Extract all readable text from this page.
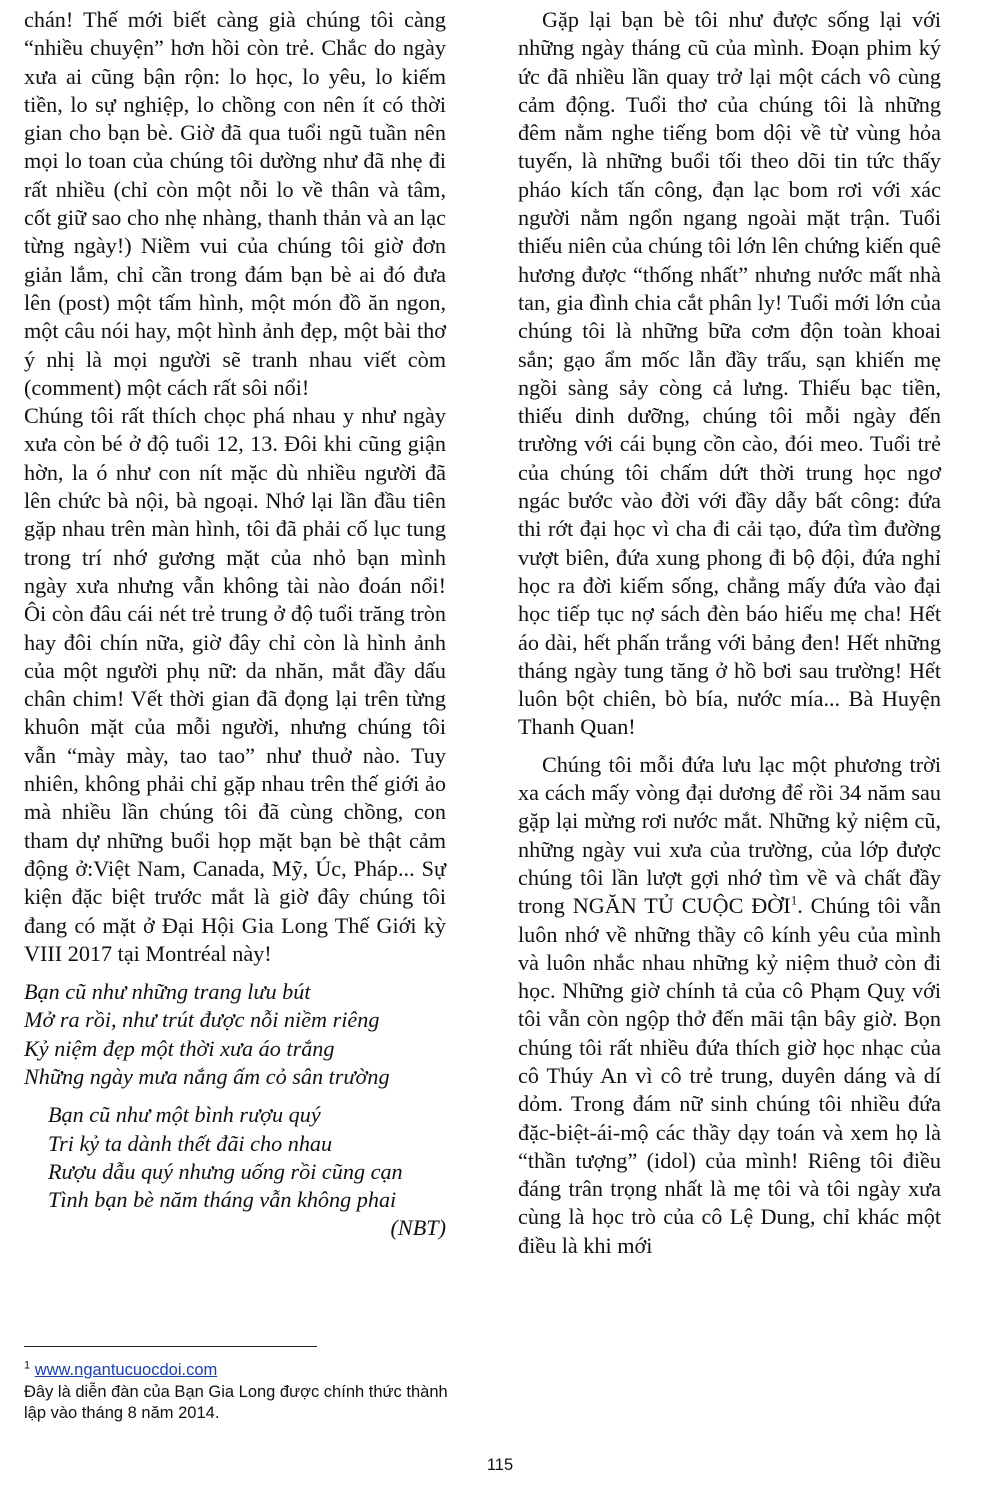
chán! Thế mới biết càng già chúng tôi càng “nhiều chuyện” hơn hồi còn trẻ. Chắc do ngày xưa ai cũng bận rộn: lo học, lo yêu, lo kiếm tiền, lo sự nghiệp, lo chồng con nên ít có thời gian cho bạn bè. Giờ đã qua tuổi ngũ tuần nên mọi lo toan của chúng tôi dường như đã nhẹ đi rất nhiều (chỉ còn một nỗi lo về thân và tâm, cốt giữ sao cho nhẹ nhàng, thanh thản và an lạc từng ngày!) Niềm vui của chúng tôi giờ đơn giản lắm, chỉ cần trong đám bạn bè ai đó đưa lên (post) một tấm hình, một món đồ ăn ngon, một câu nói hay, một hình ảnh đẹp, một bài thơ ý nhị là mọi người sẽ tranh nhau viết còm (comment) một cách rất sôi nổi!

Chúng tôi rất thích chọc phá nhau y như ngày xưa còn bé ở độ tuổi 12, 13. Đôi khi cũng giận hờn, la ó như con nít mặc dù nhiều người đã lên chức bà nội, bà ngoại. Nhớ lại lần đầu tiên gặp nhau trên màn hình, tôi đã phải cố lục tung trong trí nhớ gương mặt của nhỏ bạn mình ngày xưa nhưng vẫn không tài nào đoán nổi! Ôi còn đâu cái nét trẻ trung ở độ tuổi trăng tròn hay đôi chín nữa, giờ đây chỉ còn là hình ảnh của một người phụ nữ: da nhăn, mắt đầy dấu chân chim! Vết thời gian đã đọng lại trên từng khuôn mặt của mỗi người, nhưng chúng tôi vẫn “mày mày, tao tao” như thuở nào. Tuy nhiên, không phải chỉ gặp nhau trên thế giới ảo mà nhiều lần chúng tôi đã cùng chồng, con tham dự những buổi họp mặt bạn bè thật cảm động ở:Việt Nam, Canada, Mỹ, Úc, Pháp... Sự kiện đặc biệt trước mắt là giờ đây chúng tôi đang có mặt ở Đại Hội Gia Long Thế Giới kỳ VIII 2017 tại Montréal này!

Bạn cũ như những trang lưu bút
Mở ra rồi, như trút được nỗi niềm riêng
Kỷ niệm đẹp một thời xưa áo trắng
Những ngày mưa nắng ấm cỏ sân trường
Bạn cũ như một bình rượu quý
Tri kỷ ta dành thết đãi cho nhau
Rượu dẫu quý nhưng uống rồi cũng cạn
Tình bạn bè năm tháng vẫn không phai
(NBT)

Gặp lại bạn bè tôi như được sống lại với những ngày tháng cũ của mình. Đoạn phim ký ức đã nhiều lần quay trở lại một cách vô cùng cảm động. Tuổi thơ của chúng tôi là những đêm nằm nghe tiếng bom dội về từ vùng hỏa tuyến, là những buổi tối theo dõi tin tức thấy pháo kích tấn công, đạn lạc bom rơi với xác người nằm ngổn ngang ngoài mặt trận. Tuổi thiếu niên của chúng tôi lớn lên chứng kiến quê hương được “thống nhất” nhưng nước mất nhà tan, gia đình chia cắt phân ly! Tuổi mới lớn của chúng tôi là những bữa cơm độn toàn khoai sắn; gạo ẩm mốc lẫn đầy trấu, sạn khiến mẹ ngồi sàng sảy còng cả lưng. Thiếu bạc tiền, thiếu dinh dưỡng, chúng tôi mỗi ngày đến trường với cái bụng cồn cào, đói meo. Tuổi trẻ của chúng tôi chấm dứt thời trung học ngơ ngác bước vào đời với đầy dẫy bất công: đứa thi rớt đại học vì cha đi cải tạo, đứa tìm đường vượt biên, đứa xung phong đi bộ đội, đứa nghỉ học ra đời kiếm sống, chẳng mấy đứa vào đại học tiếp tục nợ sách đèn báo hiếu mẹ cha! Hết áo dài, hết phấn trắng với bảng đen! Hết những tháng ngày tung tăng ở hồ bơi sau trường! Hết luôn bột chiên, bò bía, nước mía... Bà Huyện Thanh Quan!

Chúng tôi mỗi đứa lưu lạc một phương trời xa cách mấy vòng đại dương để rồi 34 năm sau gặp lại mừng rơi nước mắt. Những kỷ niệm cũ, những ngày vui xưa của trường, của lớp được chúng tôi lần lượt gợi nhớ tìm về và chất đầy trong NGĂN TỦ CUỘC ĐỜI$^1$. Chúng tôi vẫn luôn nhớ về những thầy cô kính yêu của mình và luôn nhắc nhau những kỷ niệm thuở còn đi học. Những giờ chính tả của cô Phạm Quỵ với tôi vẫn còn ngộp thở đến mãi tận bây giờ. Bọn chúng tôi rất nhiều đứa thích giờ học nhạc của cô Thúy An vì cô trẻ trung, duyên dáng và dí dỏm. Trong đám nữ sinh chúng tôi nhiều đứa đặc-biệt-ái-mộ các thầy dạy toán và xem họ là “thần tượng” (idol) của mình! Riêng tôi điều đáng trân trọng nhất là mẹ tôi và tôi ngày xưa cùng là học trò của cô Lệ Dung, chỉ khác một điều là khi mới

$^1$ www.ngantucuocdoi.com
Đây là diễn đàn của Bạn Gia Long được chính thức thành lập vào tháng 8 năm 2014.
115
